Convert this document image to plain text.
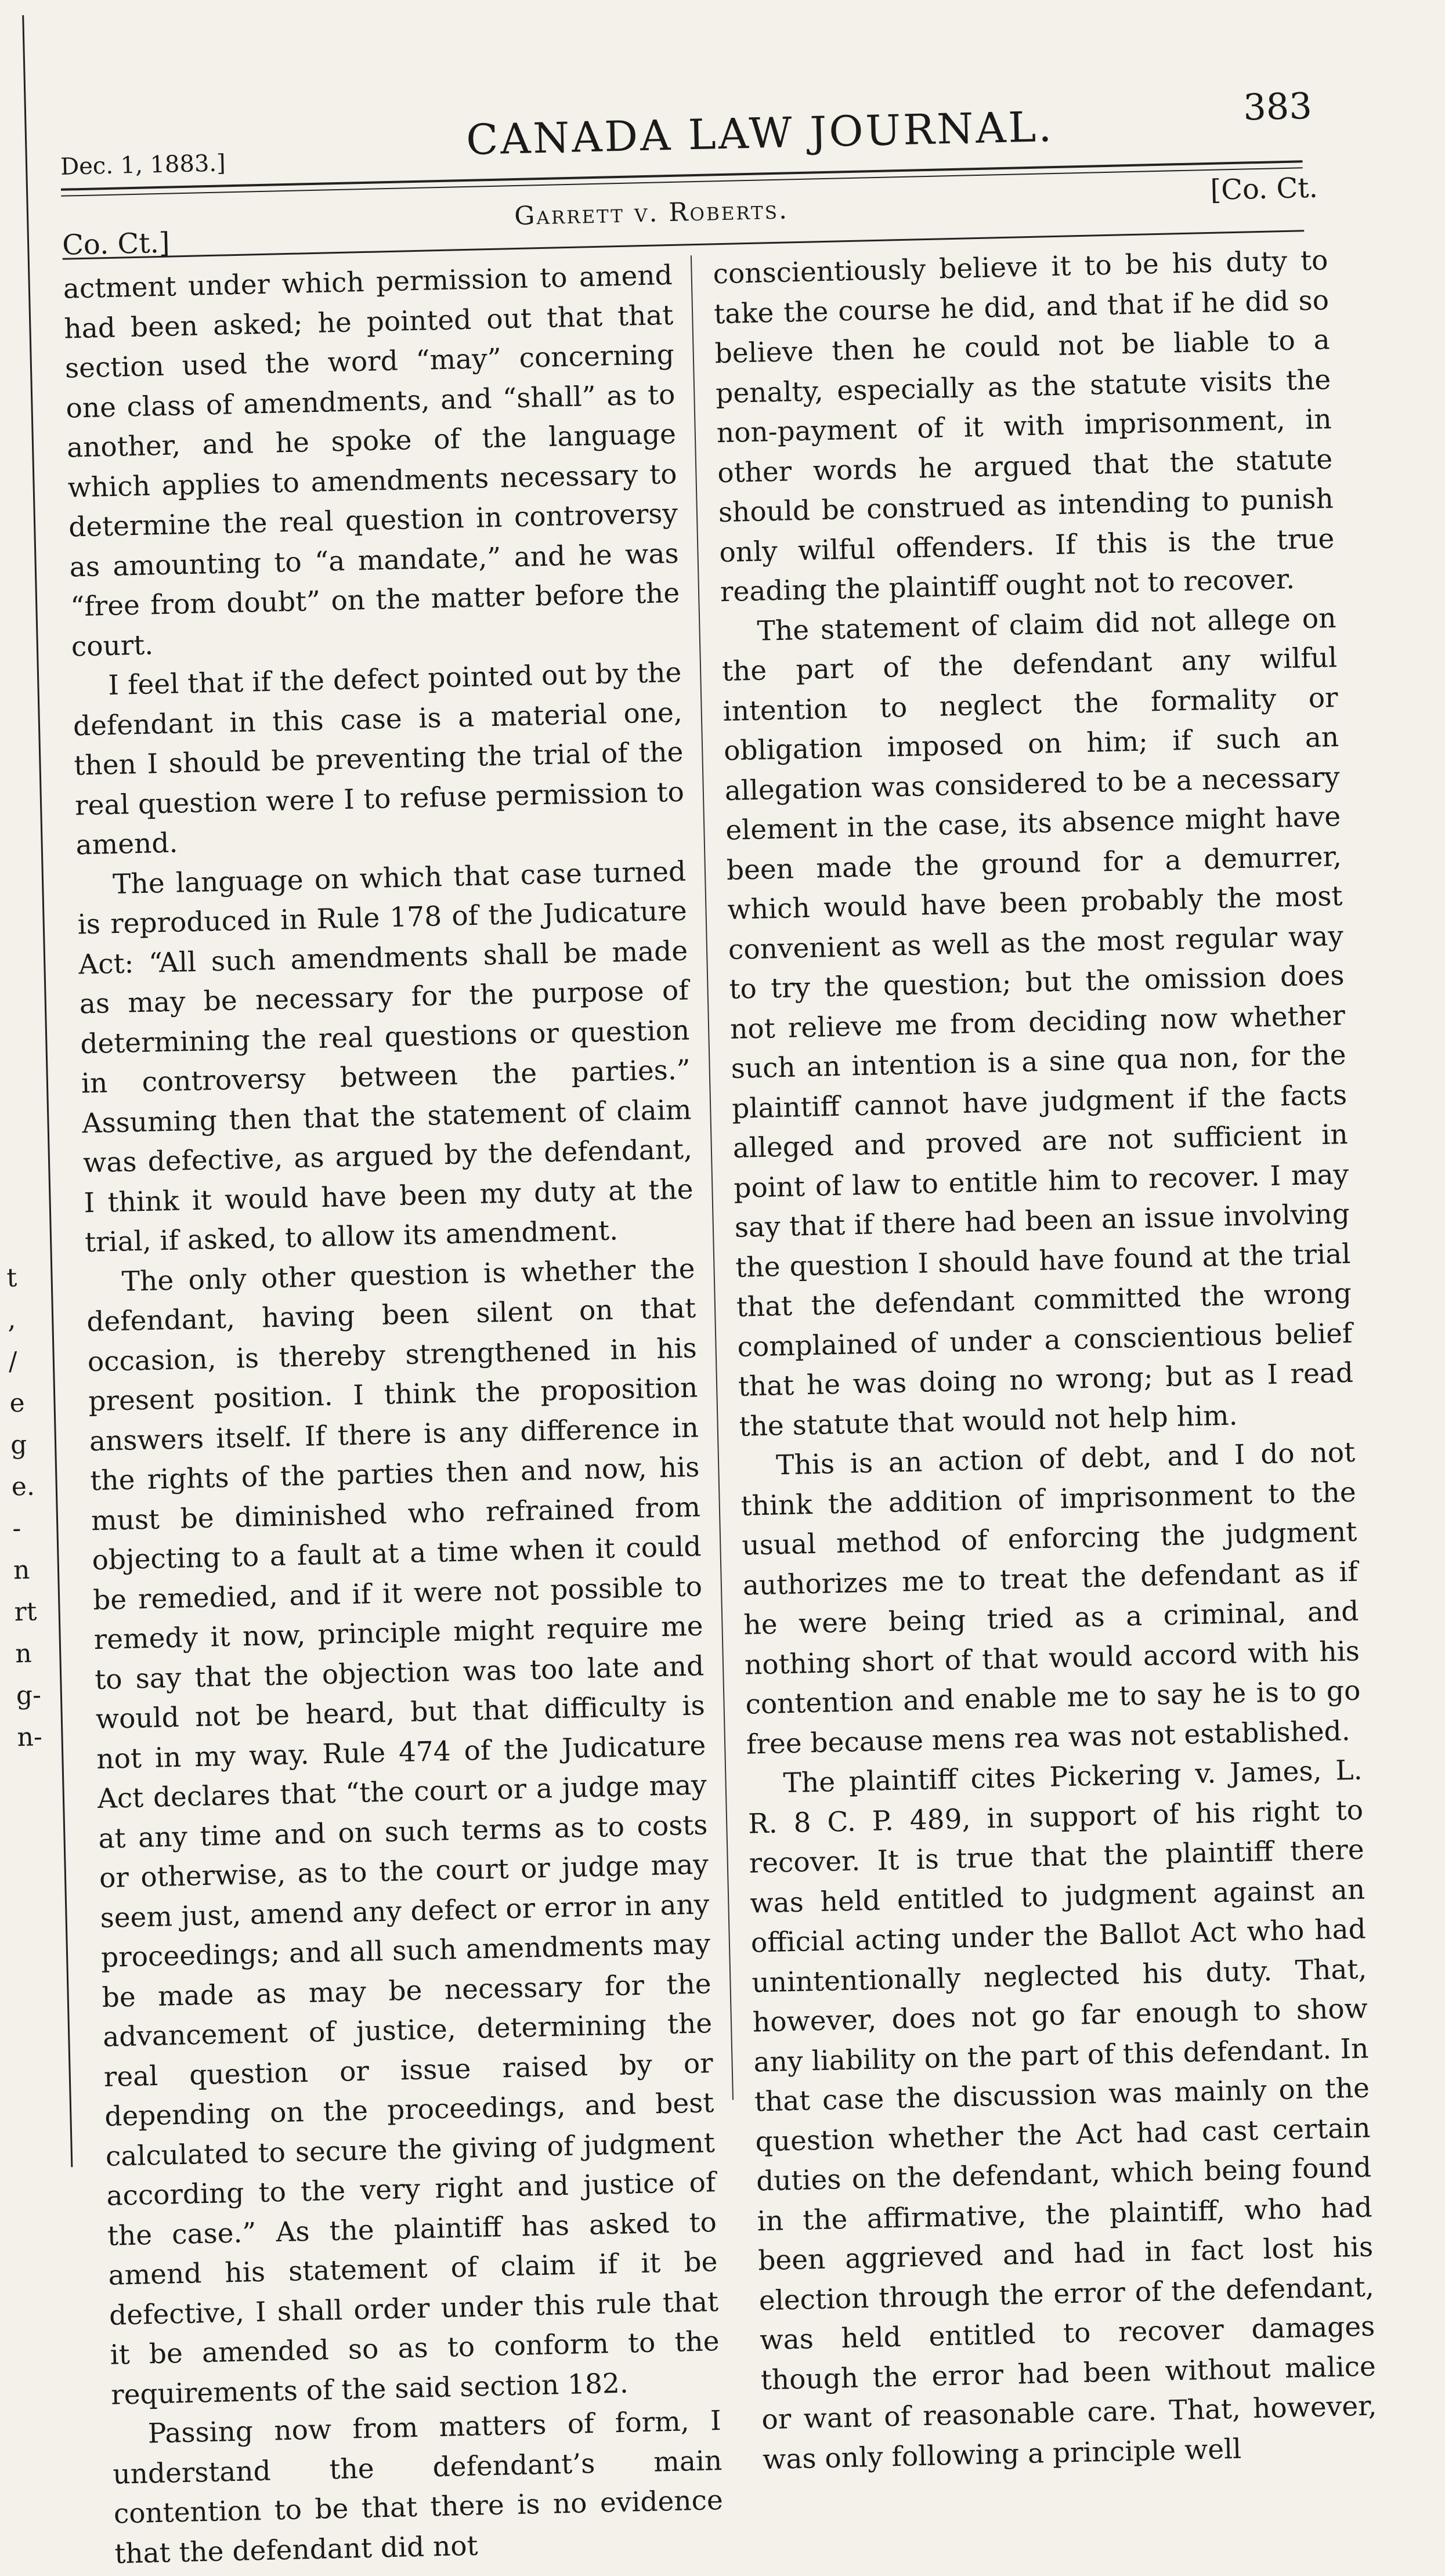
t
,
/
e
g
e.
-
n
rt
n
g-
n-
Dec. 1, 1883.]
CANADA LAW JOURNAL.	383
Co. Ct.]
[Co. Ct.
Garrett v. Roberts.

actment under which permission to amend had been asked; he pointed out that that section used the word “may” concerning one class of amendments, and “shall” as to another, and he spoke of the language which applies to amendments necessary to determine the real question in controversy as amounting to “a mandate,” and he was “free from doubt” on the matter before the court.

I feel that if the defect pointed out by the defendant in this case is a material one, then I should be preventing the trial of the real question were I to refuse permission to amend.

The language on which that case turned is reproduced in Rule 178 of the Judicature Act: “All such amendments shall be made as may be necessary for the purpose of determining the real questions or question in controversy between the parties.” Assuming then that the statement of claim was defective, as argued by the defendant, I think it would have been my duty at the trial, if asked, to allow its amendment.

The only other question is whether the defendant, having been silent on that occasion, is thereby strengthened in his present position. I think the proposition answers itself. If there is any difference in the rights of the parties then and now, his must be diminished who refrained from objecting to a fault at a time when it could be remedied, and if it were not possible to remedy it now, principle might require me to say that the objection was too late and would not be heard, but that difficulty is not in my way. Rule 474 of the Judicature Act declares that “the court or a judge may at any time and on such terms as to costs or otherwise, as to the court or judge may seem just, amend any defect or error in any proceedings; and all such amendments may be made as may be necessary for the advancement of justice, determining the real question or issue raised by or depending on the proceedings, and best calculated to secure the giving of judgment according to the very right and justice of the case.” As the plaintiff has asked to amend his statement of claim if it be defective, I shall order under this rule that it be amended so as to conform to the requirements of the said section 182.

Passing now from matters of form, I understand the defendant’s main contention to be that there is no evidence that the defendant did not

conscientiously believe it to be his duty to take the course he did, and that if he did so believe then he could not be liable to a penalty, especially as the statute visits the non-payment of it with imprisonment, in other words he argued that the statute should be construed as intending to punish only wilful offenders. If this is the true reading the plaintiff ought not to recover.

The statement of claim did not allege on the part of the defendant any wilful intention to neglect the formality or obligation imposed on him; if such an allegation was considered to be a necessary element in the case, its absence might have been made the ground for a demurrer, which would have been probably the most convenient as well as the most regular way to try the question; but the omission does not relieve me from deciding now whether such an intention is a sine qua non, for the plaintiff cannot have judgment if the facts alleged and proved are not sufficient in point of law to entitle him to recover. I may say that if there had been an issue involving the question I should have found at the trial that the defendant committed the wrong complained of under a conscientious belief that he was doing no wrong; but as I read the statute that would not help him.

This is an action of debt, and I do not think the addition of imprisonment to the usual method of enforcing the judgment authorizes me to treat the defendant as if he were being tried as a criminal, and nothing short of that would accord with his contention and enable me to say he is to go free because mens rea was not established.

The plaintiff cites Pickering v. James, L. R. 8 C. P. 489, in support of his right to recover. It is true that the plaintiff there was held entitled to judgment against an official acting under the Ballot Act who had unintentionally neglected his duty. That, however, does not go far enough to show any liability on the part of this defendant. In that case the discussion was mainly on the question whether the Act had cast certain duties on the defendant, which being found in the affirmative, the plaintiff, who had been aggrieved and had in fact lost his election through the error of the defendant, was held entitled to recover damages though the error had been without malice or want of reasonable care. That, however, was only following a principle well
